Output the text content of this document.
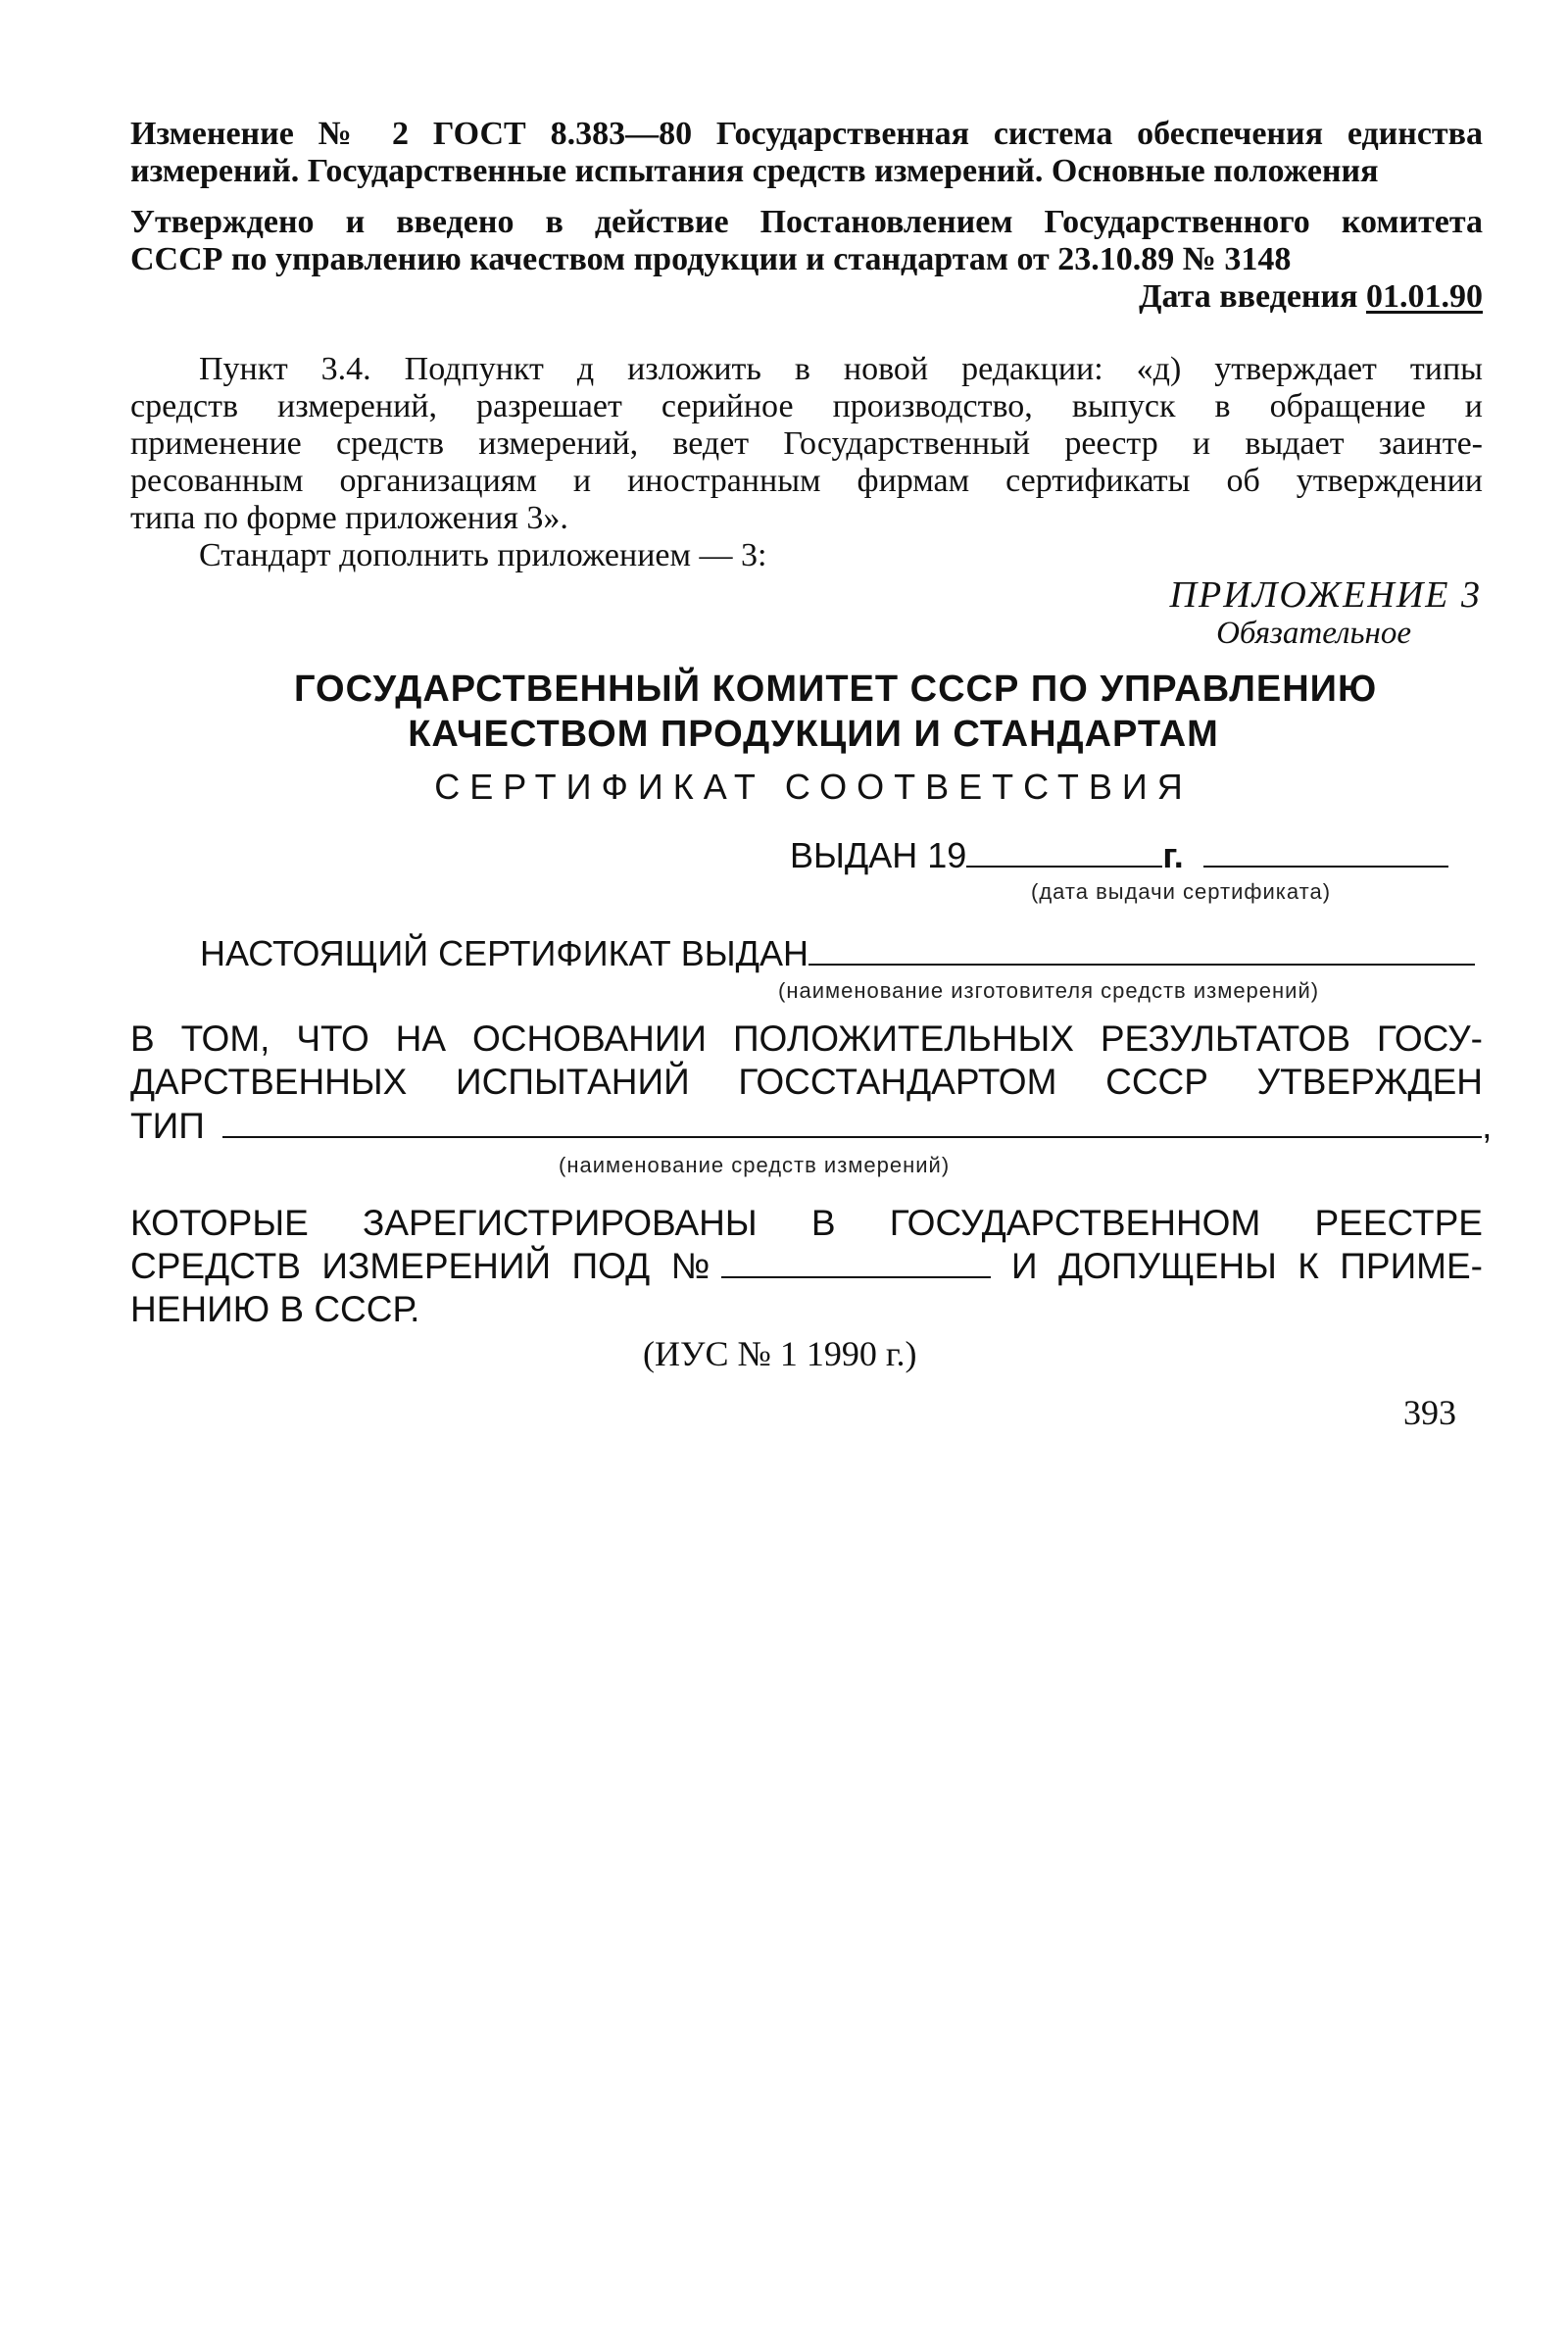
Изменение № 2 ГОСТ 8.383—80 Государственная система обеспечения единства
измерений. Государственные испытания средств измерений. Основные положения
Утверждено и введено в действие Постановлением Государственного комитета
СССР по управлению качеством продукции и стандартам от 23.10.89 № 3148
Дата введения 01.01.90
Пункт 3.4. Подпункт д изложить в новой редакции: «д) утверждает типы
средств измерений, разрешает серийное производство, выпуск в обращение и
применение средств измерений, ведет Государственный реестр и выдает заинте-
ресованным организациям и иностранным фирмам сертификаты об утверждении
типа по форме приложения 3».
Стандарт дополнить приложением — 3:
ПРИЛОЖЕНИЕ 3
Обязательное
ГОСУДАРСТВЕННЫЙ КОМИТЕТ СССР ПО УПРАВЛЕНИЮ
КАЧЕСТВОМ ПРОДУКЦИИ И СТАНДАРТАМ
СЕРТИФИКАТ СООТВЕТСТВИЯ
ВЫДАН 19	г.
(дата выдачи сертификата)
НАСТОЯЩИЙ СЕРТИФИКАТ ВЫДАН
(наименование изготовителя средств измерений)
В ТОМ, ЧТО НА ОСНОВАНИИ ПОЛОЖИТЕЛЬНЫХ РЕЗУЛЬТАТОВ ГОСУ-
ДАРСТВЕННЫХ ИСПЫТАНИЙ ГОССТАНДАРТОМ СССР УТВЕРЖДЕН
ТИП	,
(наименование средств измерений)
КОТОРЫЕ ЗАРЕГИСТРИРОВАНЫ В ГОСУДАРСТВЕННОМ РЕЕСТРЕ
СРЕДСТВ ИЗМЕРЕНИЙ ПОД №	И ДОПУЩЕНЫ К ПРИМЕ-
НЕНИЮ В СССР.
(ИУС № 1 1990 г.)
393
